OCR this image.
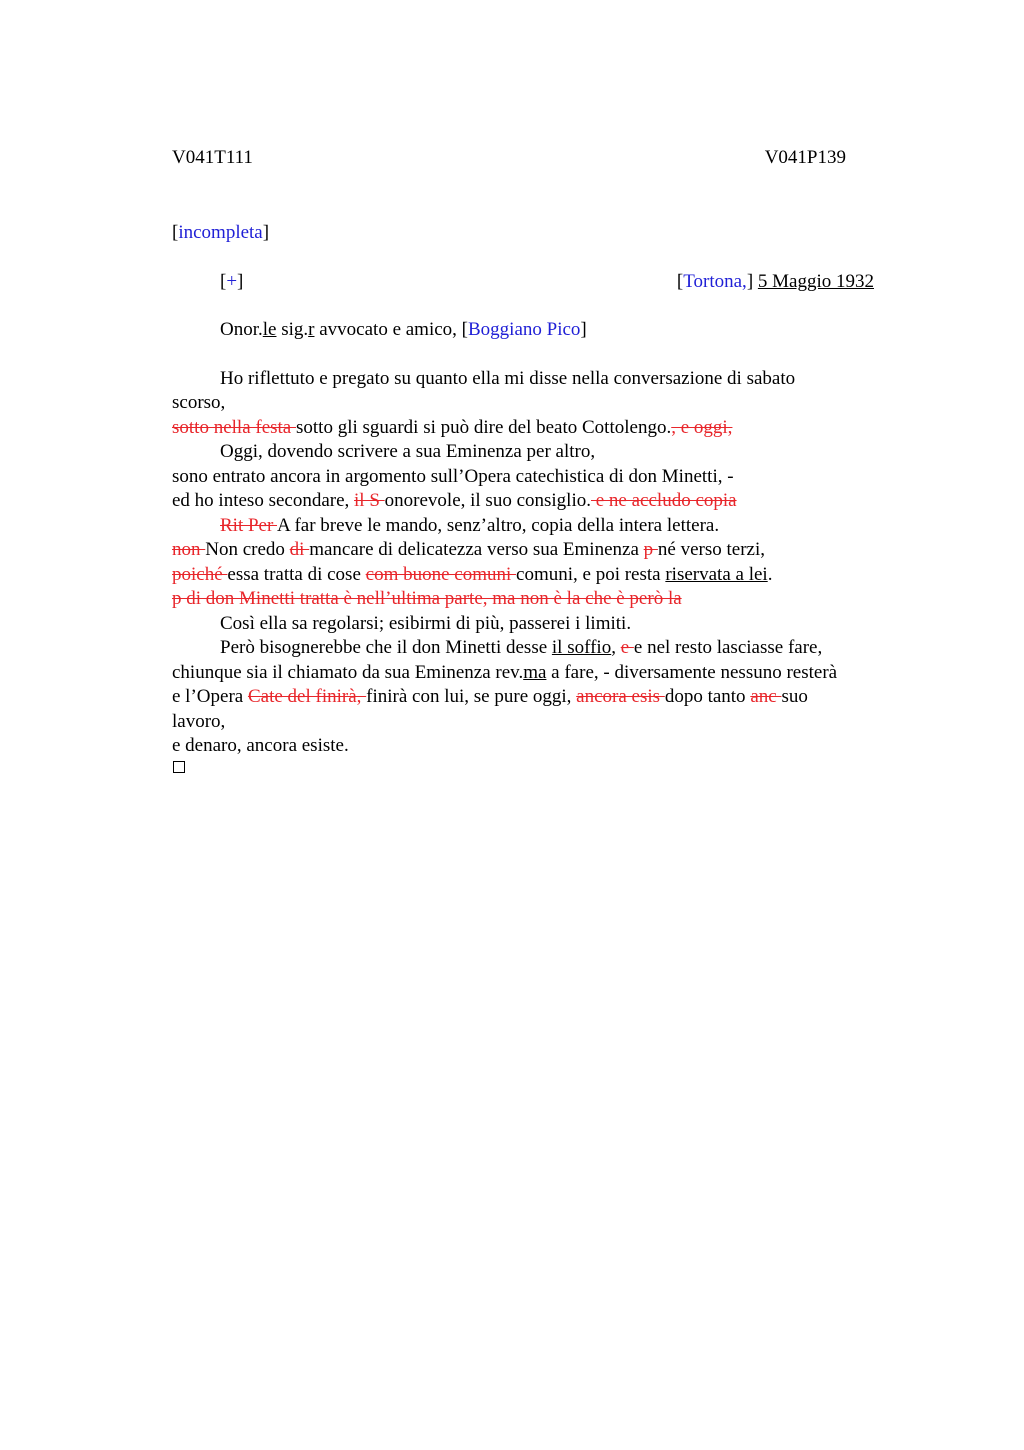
V041T111	V041P139
[incompleta]
[+]	[Tortona,] 5 Maggio 1932
Onor.le sig.r avvocato e amico, [Boggiano Pico]
Ho riflettuto e pregato su quanto ella mi disse nella conversazione di sabato
scorso,
sotto nella festa sotto gli sguardi si può dire del beato Cottolengo., e oggi,
Oggi, dovendo scrivere a sua Eminenza per altro,
sono entrato ancora in argomento sull’Opera catechistica di don Minetti, -
ed ho inteso secondare, il S onorevole, il suo consiglio. e ne accludo copia
Rit Per A far breve le mando, senz’altro, copia della intera lettera.
non Non credo di mancare di delicatezza verso sua Eminenza p né verso terzi,
poiché essa tratta di cose com buone comuni comuni, e poi resta riservata a lei.
p di don Minetti tratta è nell’ultima parte, ma non è la che è però la
Così ella sa regolarsi; esibirmi di più, passerei i limiti.
Però bisognerebbe che il don Minetti desse il soffio, e e nel resto lasciasse fare,
chiunque sia il chiamato da sua Eminenza rev.ma a fare, - diversamente nessuno resterà
e l’Opera Cate del finirà, finirà con lui, se pure oggi, ancora esis dopo tanto anc suo
lavoro,
e denaro, ancora esiste.
